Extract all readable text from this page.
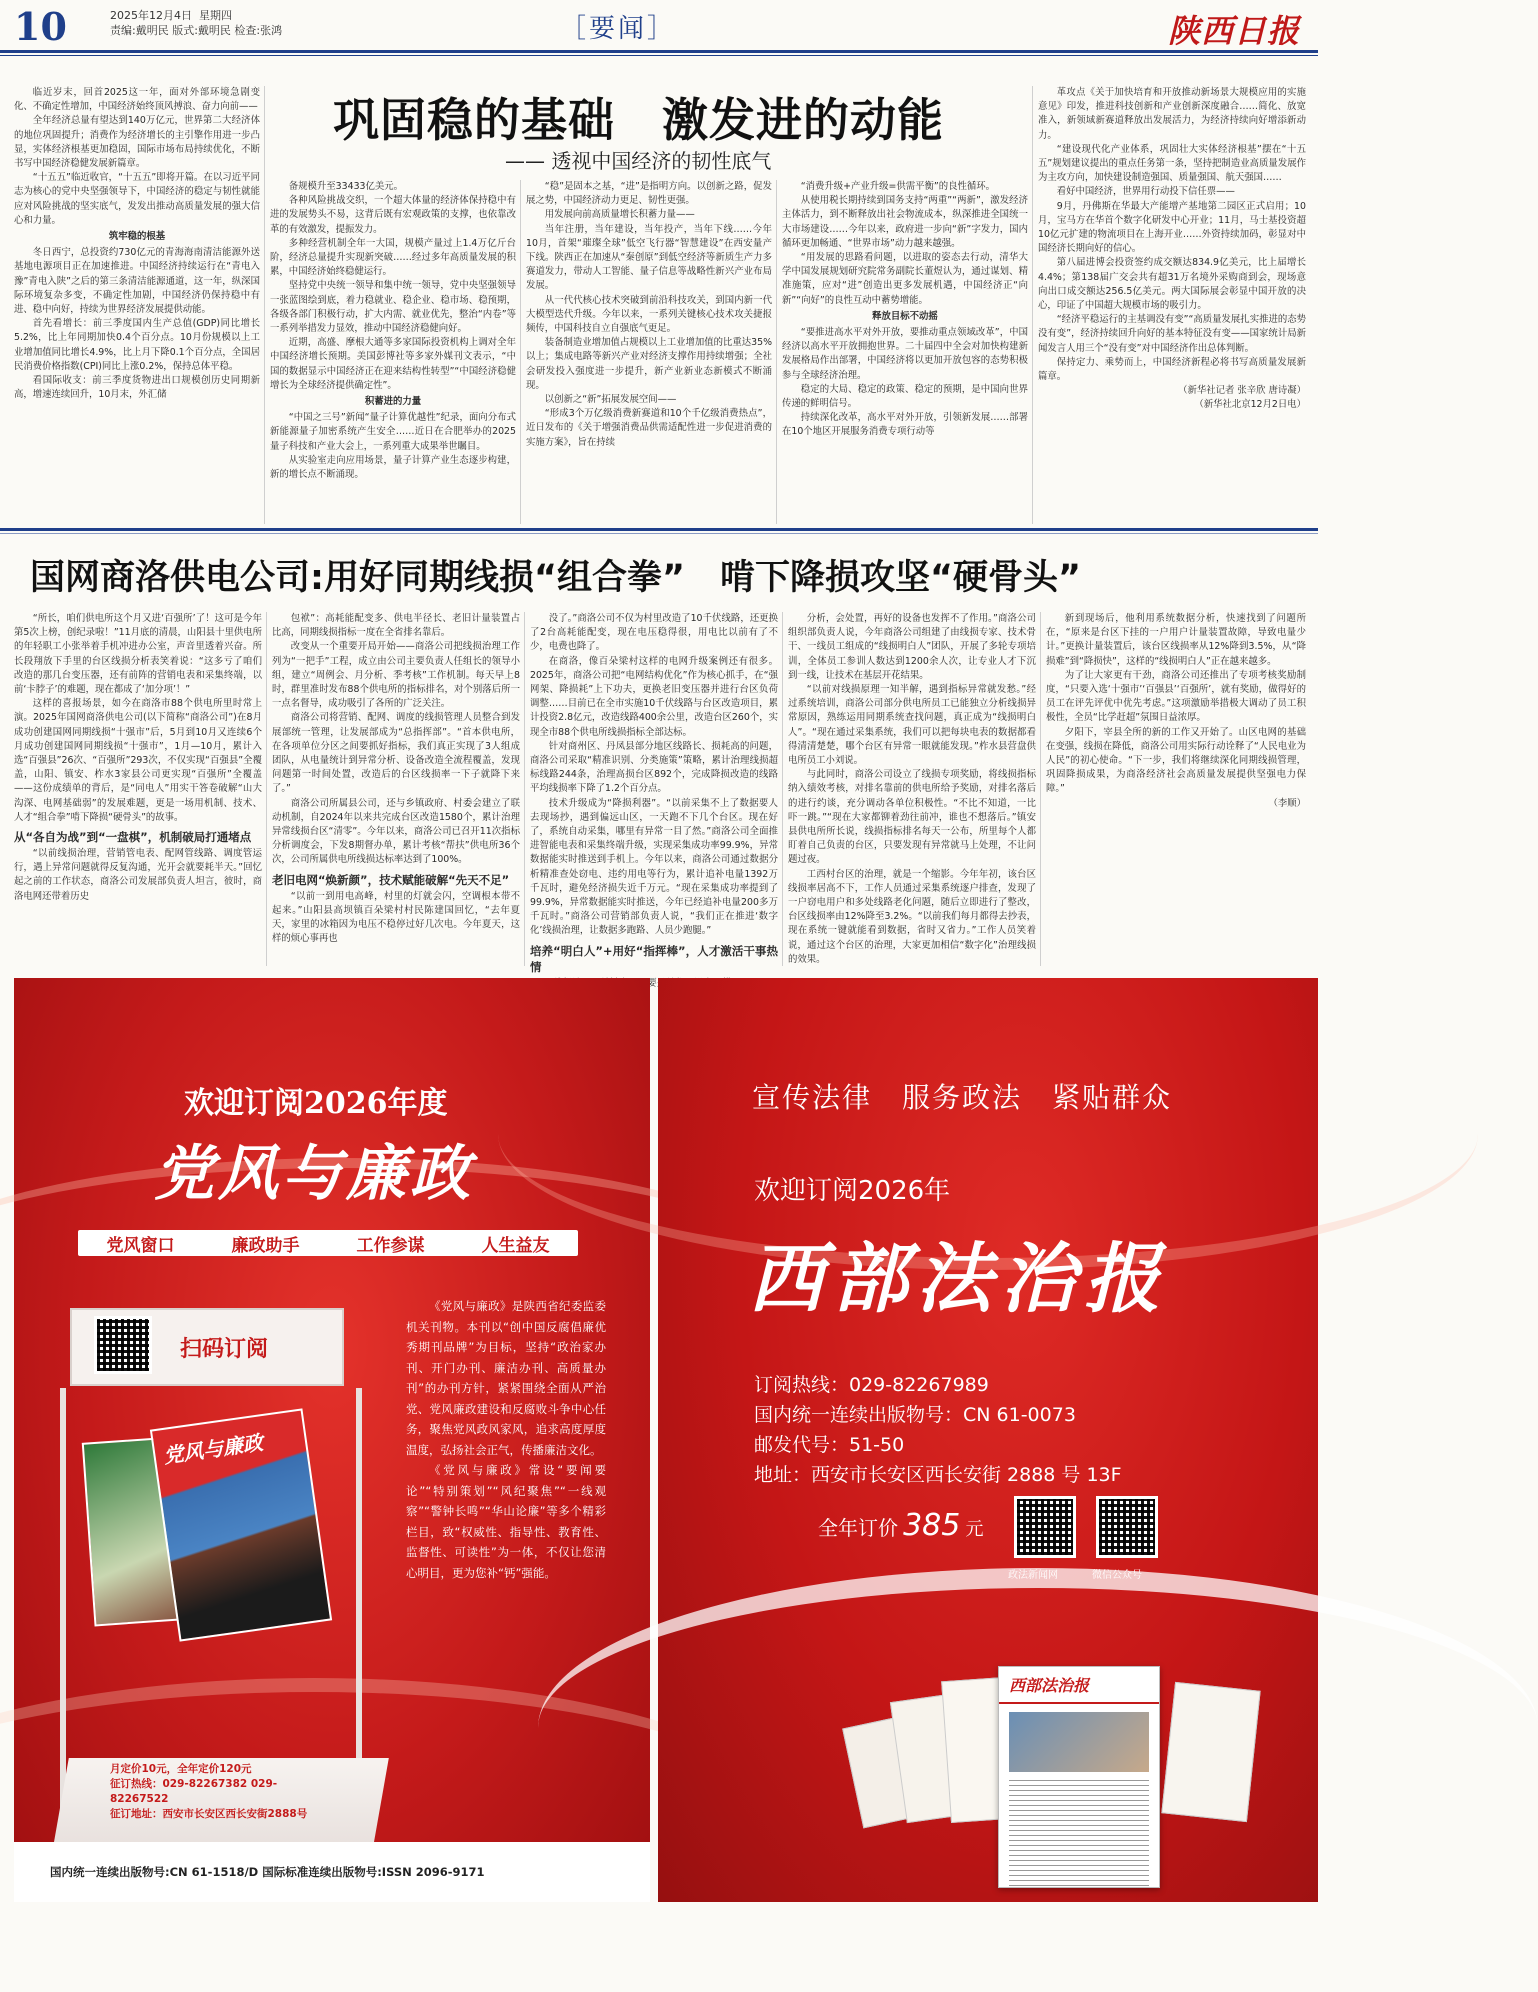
10	2025年12月4日 星期四
责编:戴明民 版式:戴明民 检查:张鸿	［要闻］	陕西日报

临近岁末，回首2025这一年，面对外部环境急剧变化、不确定性增加，中国经济始终顶风搏浪、奋力向前——

全年经济总量有望达到140万亿元，世界第二大经济体的地位巩固提升；消费作为经济增长的主引擎作用进一步凸显，实体经济根基更加稳固，国际市场布局持续优化，不断书写中国经济稳健发展新篇章。

“十五五”临近收官，“十五五”即将开篇。在以习近平同志为核心的党中央坚强领导下，中国经济的稳定与韧性就能应对风险挑战的坚实底气，发发出推动高质量发展的强大信心和力量。

筑牢稳的根基

冬日西宁，总投资约730亿元的青海海南清洁能源外送基地电源项目正在加速推进。中国经济持续运行在“青电入豫”青电入陕”之后的第三条清洁能源通道，这一年，纵深国际环境复杂多变，不确定性加剧，中国经济仍保持稳中有进、稳中向好，持续为世界经济发展提供动能。

首先看增长：前三季度国内生产总值(GDP)同比增长5.2%，比上年同期加快0.4个百分点。10月份规模以上工业增加值同比增长4.9%，比上月下降0.1个百分点，全国居民消费价格指数(CPI)同比上涨0.2%，保持总体平稳。

看国际收支：前三季度货物进出口规模创历史同期新高，增速连续回升，10月末，外汇储

巩固稳的基础　激发进的动能
—— 透视中国经济的韧性底气

备规模升至33433亿美元。

各种风险挑战交织，一个超大体量的经济体保持稳中有进的发展势头不易，这背后既有宏观政策的支撑，也依靠改革的有效激发，提振发力。

多种经营机制全年一大国，规模产量过上1.4万亿斤台阶，经济总量提升实现新突破……经过多年高质量发展的积累，中国经济始终稳健运行。

坚持党中央统一领导和集中统一领导，党中央坚强领导一张蓝图绘到底，着力稳就业、稳企业、稳市场、稳预期，各级各部门积极行动，扩大内需、就业优先，整治“内卷”等一系列举措发力显效，推动中国经济稳健向好。

近期，高盛、摩根大通等多家国际投资机构上调对全年中国经济增长预期。美国彭博社等多家外媒刊文表示，“中国的数据显示中国经济正在迎来结构性转型”“中国经济稳健增长为全球经济提供确定性”。

积蓄进的力量

“中国之三号”新闻“量子计算优越性”纪录，面向分布式新能源量子加密系统产生安全……近日在合肥举办的2025量子科技和产业大会上，一系列重大成果举世瞩目。

从实验室走向应用场景，量子计算产业生态逐步构建，新的增长点不断涌现。

“稳”是固本之基，“进”是指明方向。以创新之路，促发展之势，中国经济动力更足、韧性更强。

用发展向前高质量增长积蓄力量——

当年注册，当年建设，当年投产，当年下线……今年10月，首架“璀璨全球”低空飞行器“智慧建设”在西安量产下线。陕西正在加速从“秦创原”到低空经济等新质生产力多赛道发力，带动人工智能、量子信息等战略性新兴产业布局发展。

从一代代核心技术突破到前沿科技攻关，到国内新一代大模型迭代升级。今年以来，一系列关键核心技术攻关捷报频传，中国科技自立自强底气更足。

装备制造业增加值占规模以上工业增加值的比重达35%以上；集成电路等新兴产业对经济支撑作用持续增强；全社会研发投入强度进一步提升，新产业新业态新模式不断涌现。

以创新之“新”拓展发展空间——

“形成3个万亿级消费新赛道和10个千亿级消费热点”，近日发布的《关于增强消费品供需适配性进一步促进消费的实施方案》，旨在持续

“消费升级+产业升级=供需平衡”的良性循环。

从使用税长期持续到国务支持“两重”“两新”，激发经济主体活力，到不断释放出社会物流成本，纵深推进全国统一大市场建设……今年以来，政府进一步向“新”字发力，国内循环更加畅通、“世界市场”动力越来越强。

“用发展的思路看问题，以进取的姿态去行动，清华大学中国发展规划研究院常务副院长董煜认为，通过谋划、精准施策，应对“进”创造出更多发展机遇，中国经济正“向新”“向好”的良性互动中蓄势增能。

释放目标不动摇

“要推进高水平对外开放，要推动重点领域改革”，中国经济以高水平开放拥抱世界。二十届四中全会对加快构建新发展格局作出部署，中国经济将以更加开放包容的态势积极参与全球经济治理。

稳定的大局、稳定的政策、稳定的预期，是中国向世界传递的鲜明信号。

持续深化改革，高水平对外开放，引领新发展……部署在10个地区开展服务消费专项行动等

革攻点《关于加快培育和开放推动新场景大规模应用的实施意见》印发，推进科技创新和产业创新深度融合……简化、放宽准入，新领域新赛道释放出发展活力，为经济持续向好增添新动力。

“建设现代化产业体系，巩固壮大实体经济根基”摆在“十五五”规划建议提出的重点任务第一条，坚持把制造业高质量发展作为主攻方向，加快建设制造强国、质量强国、航天强国……

看好中国经济，世界用行动投下信任票——

9月，丹佛斯在华最大产能增产基地第二园区正式启用；10月，宝马方在华首个数字化研发中心开业；11月，马士基投资超10亿元扩建的物流项目在上海开业……外资持续加码，彰显对中国经济长期向好的信心。

第八届进博会投资签约成交额达834.9亿美元，比上届增长4.4%；第138届广交会共有超31万名境外采购商到会，现场意向出口成交额达256.5亿美元。两大国际展会彰显中国开放的决心，印证了中国超大规模市场的吸引力。

“经济平稳运行的主基调没有变”“高质量发展扎实推进的态势没有变”，经济持续回升向好的基本特征没有变——国家统计局新闻发言人用三个“没有变”对中国经济作出总体判断。

保持定力、乘势而上，中国经济新程必将书写高质量发展新篇章。

（新华社记者 张辛欣 唐诗凝）

（新华社北京12月2日电）

国网商洛供电公司:用好同期线损“组合拳”　啃下降损攻坚“硬骨头”

“所长，咱们供电所这个月又进‘百强所’了！这可是今年第5次上榜，创纪录啦！”11月底的清晨，山阳县十里供电所的年轻职工小张举着手机冲进办公室，声音里透着兴奋。所长段翔放下手里的台区线损分析表笑着说：“这多亏了咱们改造的那几台变压器，还有前阵的营销电表和采集终端，以前‘卡脖子’的难题，现在都成了‘加分项’！”

这样的喜报场景，如今在商洛市88个供电所里时常上演。2025年国网商洛供电公司(以下简称“商洛公司”)在8月成功创建国网同期线损“十强市”后，5月到10月又连续6个月成功创建国网同期线损“十强市”，1月—10月，累计入选“百强县”26次、“百强所”293次，不仅实现“百强县”全覆盖，山阳、镇安、柞水3家县公司更实现“百强所”全覆盖——这份成绩单的背后，是“同电人”用实干答卷破解“山大沟深、电网基础弱”的发展难题，更是一场用机制、技术、人才“组合拳”啃下降损“硬骨头”的故事。

从“各自为战”到“一盘棋”，机制破局打通堵点

“以前线损治理，营销管电表、配网管线路、调度管运行，遇上异常问题就得反复沟通，光开会就要耗半天。”回忆起之前的工作状态，商洛公司发展部负责人坦言，彼时，商洛电网还带着历史

包袱”：高耗能配变多、供电半径长、老旧计量装置占比高，同期线损指标一度在全省排名靠后。

改变从一个重要开局开始——商洛公司把线损治理工作列为“一把手”工程，成立由公司主要负责人任组长的领导小组，建立“周例会、月分析、季考核”工作机制。每天早上8时，群里准时发布88个供电所的指标排名，对个别落后所一一点名督导，成功吸引了各所的广泛关注。

商洛公司将营销、配网、调度的线损管理人员整合到发展部统一管理，让发展部成为“总指挥部”。“首本供电所，在各项单位分区之间要抓好指标，我们真正实现了3人组成团队，从电量统计到异常分析、设备改造全流程覆盖，发现问题第一时间处置，改造后的台区线损率一下子就降下来了。”

商洛公司所属县公司，还与乡镇政府、村委会建立了联动机制，自2024年以来共完成台区改造1580个，累计治理异常线损台区“清零”。今年以来，商洛公司已召开11次指标分析调度会，下发8期督办单，累计考核“帮扶”供电所36个次，公司所属供电所线损达标率达到了100%。

老旧电网“焕新颜”，技术赋能破解“先天不足”

“以前一到用电高峰，村里的灯就会闪，空调根本带不起来。”山阳县高坝镇百朵梁村村民陈建国回忆，“去年夏天，家里的冰箱因为电压不稳停过好几次电。今年夏天，这样的烦心事再也

没了。”商洛公司不仅为村里改造了10千伏线路，还更换了2台高耗能配变，现在电压稳得很，用电比以前有了不少，电费也降了。

在商洛，像百朵梁村这样的电网升级案例还有很多。2025年，商洛公司把“电网结构优化”作为核心抓手，在“强网架、降损耗”上下功夫，更换老旧变压器并进行台区负荷调整……目前已在全市实施10千伏线路与台区改造项目，累计投资2.8亿元，改造线路400余公里，改造台区260个，实现全市88个供电所线损指标全部达标。

针对商州区、丹凤县部分地区线路长、损耗高的问题，商洛公司采取“精准识别、分类施策”策略，累计治理线损超标线路244条，治理高损台区892个，完成降损改造的线路平均线损率下降了1.2个百分点。

技术升级成为“降损利器”。“以前采集不上了数据要人去现场抄，遇到偏远山区，一天跑不下几个台区。现在好了，系统自动采集，哪里有异常一目了然。”商洛公司全面推进智能电表和采集终端升级，实现采集成功率99.9%，异常数据能实时推送到手机上。今年以来，商洛公司通过数据分析精准查处窃电、违约用电等行为，累计追补电量1392万千瓦时，避免经济损失近千万元。“现在采集成功率提到了99.9%，异常数据能实时推送，今年已经追补电量200多万千瓦时。”商洛公司营销部负责人说，“我们正在推进‘数字化’线损治理，让数据多跑路、人员少跑腿。”

培养“明白人”+用好“指挥棒”，人才激活干事热情

分析，会处置，再好的设备也发挥不了作用。”商洛公司组织部负责人说，今年商洛公司组建了由线损专家、技术骨干、一线员工组成的“线损明白人”团队，开展了多轮专项培训，全体员工参训人数达到1200余人次，让专业人才下沉到一线，让技术在基层开花结果。

“以前对线损原理一知半解，遇到指标异常就发愁。”经过系统培训，商洛公司部分供电所员工已能独立分析线损异常原因，熟练运用同期系统查找问题，真正成为“线损明白人”。“现在通过采集系统，我们可以把每块电表的数据都看得清清楚楚，哪个台区有异常一眼就能发现。”柞水县营盘供电所员工小刘说。

与此同时，商洛公司设立了线损专项奖励，将线损指标纳入绩效考核，对排名靠前的供电所给予奖励，对排名落后的进行约谈，充分调动各单位积极性。“不比不知道，一比吓一跳。”“现在大家都铆着劲往前冲，谁也不想落后。”镇安县供电所所长说，线损指标排名每天一公布，所里每个人都盯着自己负责的台区，只要发现有异常就马上处理，不让问题过夜。

工西村台区的治理，就是一个缩影。今年年初，该台区线损率居高不下，工作人员通过采集系统逐户排查，发现了一户窃电用户和多处线路老化问题，随后立即进行了整改，台区线损率由12%降至3.2%。“以前我们每月都得去抄表，现在系统一键就能看到数据，省时又省力。”工作人员笑着说，通过这个台区的治理，大家更加相信“数字化”治理线损的效果。

新到现场后，他利用系统数据分析，快速找到了问题所在，“原来是台区下挂的一户用户计量装置故障，导致电量少计。”更换计量装置后，该台区线损率从12%降到3.5%，从“降损难”到“降损快”，这样的“线损明白人”正在越来越多。

为了让大家更有干劲，商洛公司还推出了专项考核奖励制度，“只要入选‘十强市’‘百强县’‘百强所’，就有奖励，做得好的员工在评先评优中优先考虑。”这项激励举措极大调动了员工积极性，全员“比学赶超”氛围日益浓厚。

夕阳下，宰县全所的新的工作又开始了。山区电网的基础在变强，线损在降低，商洛公司用实际行动诠释了“人民电业为人民”的初心使命。“下一步，我们将继续深化同期线损管理，巩固降损成果，为商洛经济社会高质量发展提供坚强电力保障。”

（李顺）

欢迎订阅2026年度
党风与廉政
党风窗口	廉政助手	工作参谋	人生益友
扫码订阅
党风与廉政
月定价10元，全年定价120元
征订热线：029-82267382 029-82267522
征订地址：西安市长安区西长安街2888号

《党风与廉政》是陕西省纪委监委机关刊物。本刊以“创中国反腐倡廉优秀期刊品牌”为目标，坚持“政治家办刊、开门办刊、廉洁办刊、高质量办刊”的办刊方针，紧紧围绕全面从严治党、党风廉政建设和反腐败斗争中心任务，聚焦党风政风家风，追求高度厚度温度，弘扬社会正气，传播廉洁文化。

《党风与廉政》常设“要闻要论”“特别策划”“风纪聚焦”“一线观察”“警钟长鸣”“华山论廉”等多个精彩栏目，致“权威性、指导性、教育性、监督性、可读性”为一体，不仅让您清心明目，更为您补“钙”强能。

国内统一连续出版物号:CN 61-1518/D 国际标准连续出版物号:ISSN 2096-9171
宣传法律　服务政法　紧贴群众
欢迎订阅2026年
西部法治报
订阅热线：029-82267989
国内统一连续出版物号：CN 61-0073
邮发代号：51-50
地址：西安市长安区西长安街 2888 号 13F
全年订价 385 元
政法新闻网	微信公众号
西部法治报
